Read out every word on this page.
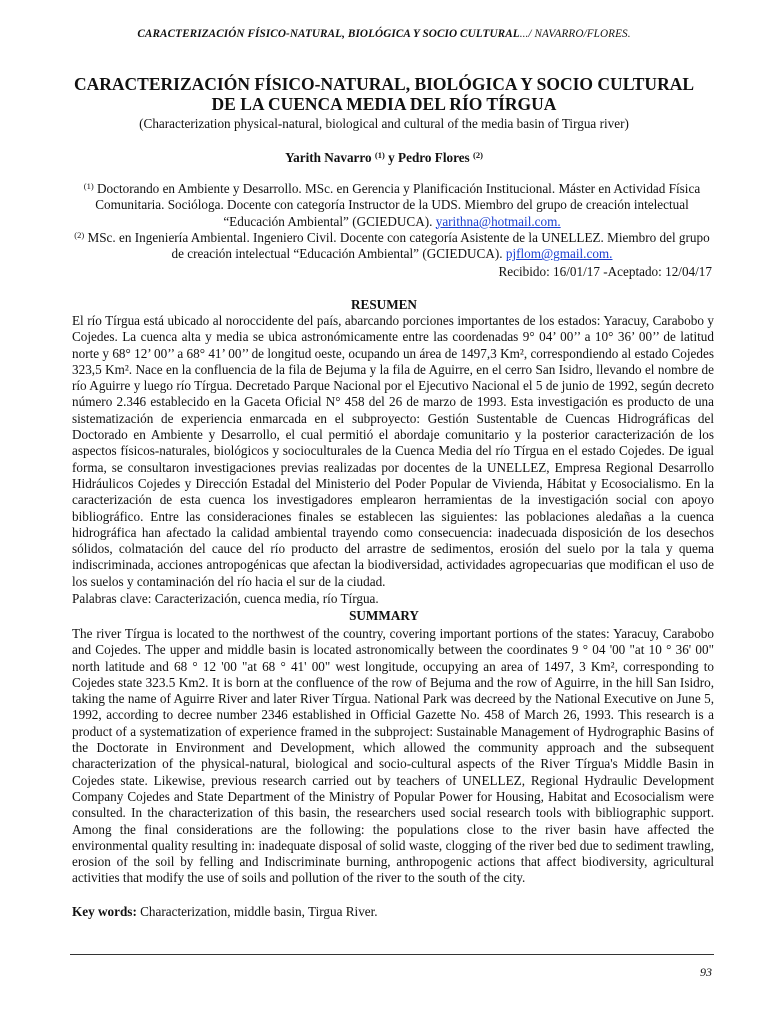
CARACTERIZACIÓN FÍSICO-NATURAL, BIOLÓGICA Y SOCIO CULTURAL.../ NAVARRO/FLORES.
CARACTERIZACIÓN FÍSICO-NATURAL, BIOLÓGICA Y SOCIO CULTURAL
DE LA CUENCA MEDIA DEL RÍO TÍRGUA
(Characterization physical-natural, biological and cultural of the media basin of Tirgua river)
Yarith Navarro $^{(1)}$ y Pedro Flores $^{(2)}$
$^{(1)}$ Doctorando en Ambiente y Desarrollo. MSc. en Gerencia y Planificación Institucional. Máster en Actividad Física Comunitaria. Socióloga. Docente con categoría Instructor de la UDS. Miembro del grupo de creación intelectual “Educación Ambiental” (GCIEDUCA). yarithna@hotmail.com.
$^{(2)}$ MSc. en Ingeniería Ambiental. Ingeniero Civil. Docente con categoría Asistente de la UNELLEZ. Miembro del grupo de creación intelectual “Educación Ambiental” (GCIEDUCA). pjflom@gmail.com.
Recibido: 16/01/17 -Aceptado: 12/04/17
RESUMEN
El río Tírgua está ubicado al noroccidente del país, abarcando porciones importantes de los estados: Yaracuy, Carabobo y Cojedes. La cuenca alta y media se ubica astronómicamente entre las coordenadas 9° 04’ 00’’ a 10° 36’ 00’’ de latitud norte y 68° 12’ 00’’ a 68° 41’ 00’’ de longitud oeste, ocupando un área de 1497,3 Km², correspondiendo al estado Cojedes 323,5 Km². Nace en la confluencia de la fila de Bejuma y la fila de Aguirre, en el cerro San Isidro, llevando el nombre de río Aguirre y luego río Tírgua. Decretado Parque Nacional por el Ejecutivo Nacional el 5 de junio de 1992, según decreto número 2.346 establecido en la Gaceta Oficial N° 458 del 26 de marzo de 1993. Esta investigación es producto de una sistematización de experiencia enmarcada en el subproyecto: Gestión Sustentable de Cuencas Hidrográficas del Doctorado en Ambiente y Desarrollo, el cual permitió el abordaje comunitario y la posterior caracterización de los aspectos físicos-naturales, biológicos y socioculturales de la Cuenca Media del río Tírgua en el estado Cojedes. De igual forma, se consultaron investigaciones previas realizadas por docentes de la UNELLEZ, Empresa Regional Desarrollo Hidráulicos Cojedes y Dirección Estadal del Ministerio del Poder Popular de Vivienda, Hábitat y Ecosocialismo. En la caracterización de esta cuenca los investigadores emplearon herramientas de la investigación social con apoyo bibliográfico. Entre las consideraciones finales se establecen las siguientes: las poblaciones aledañas a la cuenca hidrográfica han afectado la calidad ambiental trayendo como consecuencia: inadecuada disposición de los desechos sólidos, colmatación del cauce del río producto del arrastre de sedimentos, erosión del suelo por la tala y quema indiscriminada, acciones antropogénicas que afectan la biodiversidad, actividades agropecuarias que modifican el uso de los suelos y contaminación del río hacia el sur de la ciudad.
Palabras clave: Caracterización, cuenca media, río Tírgua.
SUMMARY
The river Tírgua is located to the northwest of the country, covering important portions of the states: Yaracuy, Carabobo and Cojedes. The upper and middle basin is located astronomically between the coordinates 9 ° 04 '00 "at 10 ° 36' 00" north latitude and 68 ° 12 '00 "at 68 ° 41' 00" west longitude, occupying an area of 1497, 3 Km², corresponding to Cojedes state 323.5 Km2. It is born at the confluence of the row of Bejuma and the row of Aguirre, in the hill San Isidro, taking the name of Aguirre River and later River Tírgua. National Park was decreed by the National Executive on June 5, 1992, according to decree number 2346 established in Official Gazette No. 458 of March 26, 1993. This research is a product of a systematization of experience framed in the subproject: Sustainable Management of Hydrographic Basins of the Doctorate in Environment and Development, which allowed the community approach and the subsequent characterization of the physical-natural, biological and socio-cultural aspects of the River Tírgua's Middle Basin in Cojedes state. Likewise, previous research carried out by teachers of UNELLEZ, Regional Hydraulic Development Company Cojedes and State Department of the Ministry of Popular Power for Housing, Habitat and Ecosocialism were consulted. In the characterization of this basin, the researchers used social research tools with bibliographic support. Among the final considerations are the following: the populations close to the river basin have affected the environmental quality resulting in: inadequate disposal of solid waste, clogging of the river bed due to sediment trawling, erosion of the soil by felling and Indiscriminate burning, anthropogenic actions that affect biodiversity, agricultural activities that modify the use of soils and pollution of the river to the south of the city.
Key words: Characterization, middle basin, Tirgua River.
93
